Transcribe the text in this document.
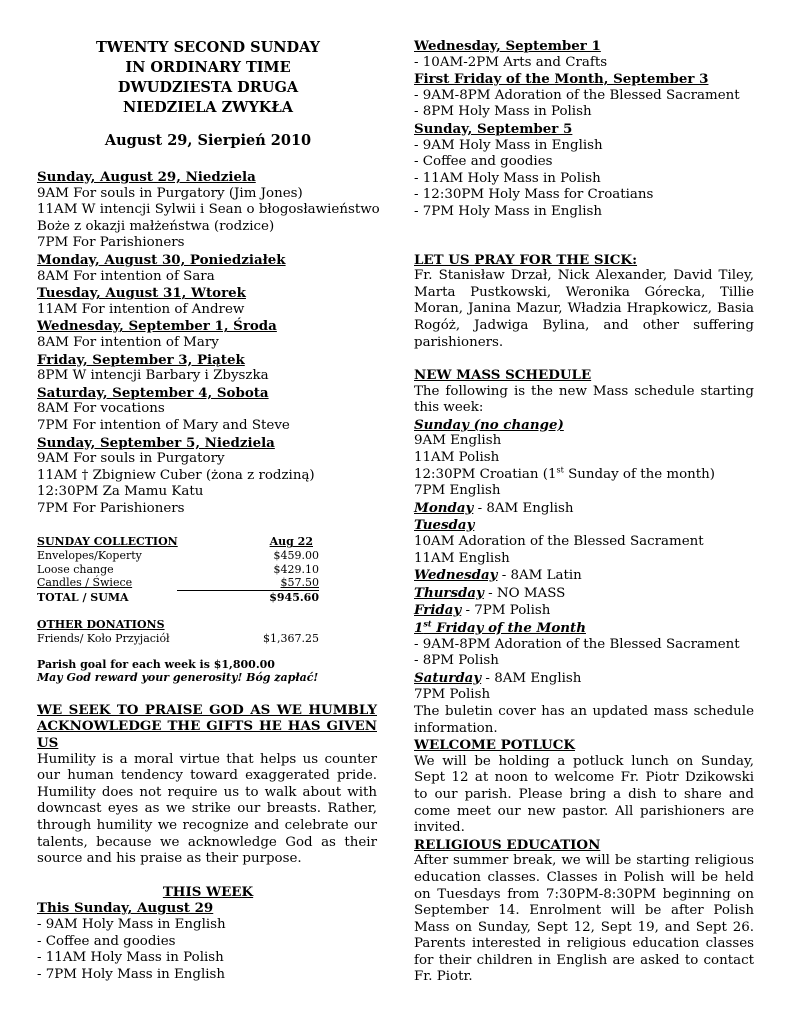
TWENTY SECOND SUNDAY
IN ORDINARY TIME
DWUDZIESTA DRUGA
NIEDZIELA ZWYKŁA
August 29, Sierpień 2010
Sunday, August 29, Niedziela
9AM For souls in Purgatory (Jim Jones)
11AM W intencji Sylwii i Sean o błogosławieństwo
Boże z okazji małżeństwa (rodzice)
7PM For Parishioners
Monday, August 30, Poniedziałek
8AM For intention of Sara
Tuesday, August 31, Wtorek
11AM For intention of Andrew
Wednesday, September 1, Środa
8AM For intention of Mary
Friday, September 3, Piątek
8PM W intencji Barbary i Zbyszka
Saturday, September 4, Sobota
8AM For vocations
7PM For intention of Mary and Steve
Sunday, September 5, Niedziela
9AM For souls in Purgatory
11AM † Zbigniew Cuber (żona z rodziną)
12:30PM Za Mamu Katu
7PM For Parishioners
SUNDAY COLLECTION	Aug 22
Envelopes/Koperty	$459.00
Loose change	$429.10
Candles / Świece	$57.50
TOTAL / SUMA	$945.60
OTHER DONATIONS
Friends/ Koło Przyjaciół	$1,367.25
Parish goal for each week is $1,800.00
May God reward your generosity! Bóg zapłać!
WE SEEK TO PRAISE GOD AS WE HUMBLY ACKNOWLEDGE THE GIFTS HE HAS GIVEN US
Humility is a moral virtue that helps us counter our human tendency toward exaggerated pride. Humility does not require us to walk about with downcast eyes as we strike our breasts. Rather, through humility we recognize and celebrate our talents, because we acknowledge God as their source and his praise as their purpose.
THIS WEEK
This Sunday, August 29
- 9AM Holy Mass in English
- Coffee and goodies
- 11AM Holy Mass in Polish
- 7PM Holy Mass in English
Wednesday, September 1
- 10AM-2PM Arts and Crafts
First Friday of the Month, September 3
- 9AM-8PM Adoration of the Blessed Sacrament
- 8PM Holy Mass in Polish
Sunday, September 5
- 9AM Holy Mass in English
- Coffee and goodies
- 11AM Holy Mass in Polish
- 12:30PM Holy Mass for Croatians
- 7PM Holy Mass in English
LET US PRAY FOR THE SICK:
Fr. Stanisław Drzał, Nick Alexander, David Tiley, Marta Pustkowski, Weronika Górecka, Tillie Moran, Janina Mazur, Władzia Hrapkowicz, Basia Rogóż, Jadwiga Bylina, and other suffering parishioners.
NEW MASS SCHEDULE
The following is the new Mass schedule starting this week:
Sunday (no change)
9AM English
11AM Polish
12:30PM Croatian (1st Sunday of the month)
7PM English
Monday - 8AM English
Tuesday
10AM Adoration of the Blessed Sacrament
11AM English
Wednesday - 8AM Latin
Thursday - NO MASS
Friday - 7PM Polish
1st Friday of the Month
- 9AM-8PM Adoration of the Blessed Sacrament
- 8PM Polish
Saturday - 8AM English
7PM Polish
The buletin cover has an updated mass schedule information.
WELCOME POTLUCK
We will be holding a potluck lunch on Sunday, Sept 12 at noon to welcome Fr. Piotr Dzikowski to our parish. Please bring a dish to share and come meet our new pastor. All parishioners are invited.
RELIGIOUS EDUCATION
After summer break, we will be starting religious education classes. Classes in Polish will be held on Tuesdays from 7:30PM-8:30PM beginning on September 14. Enrolment will be after Polish Mass on Sunday, Sept 12, Sept 19, and Sept 26. Parents interested in religious education classes for their children in English are asked to contact Fr. Piotr.
